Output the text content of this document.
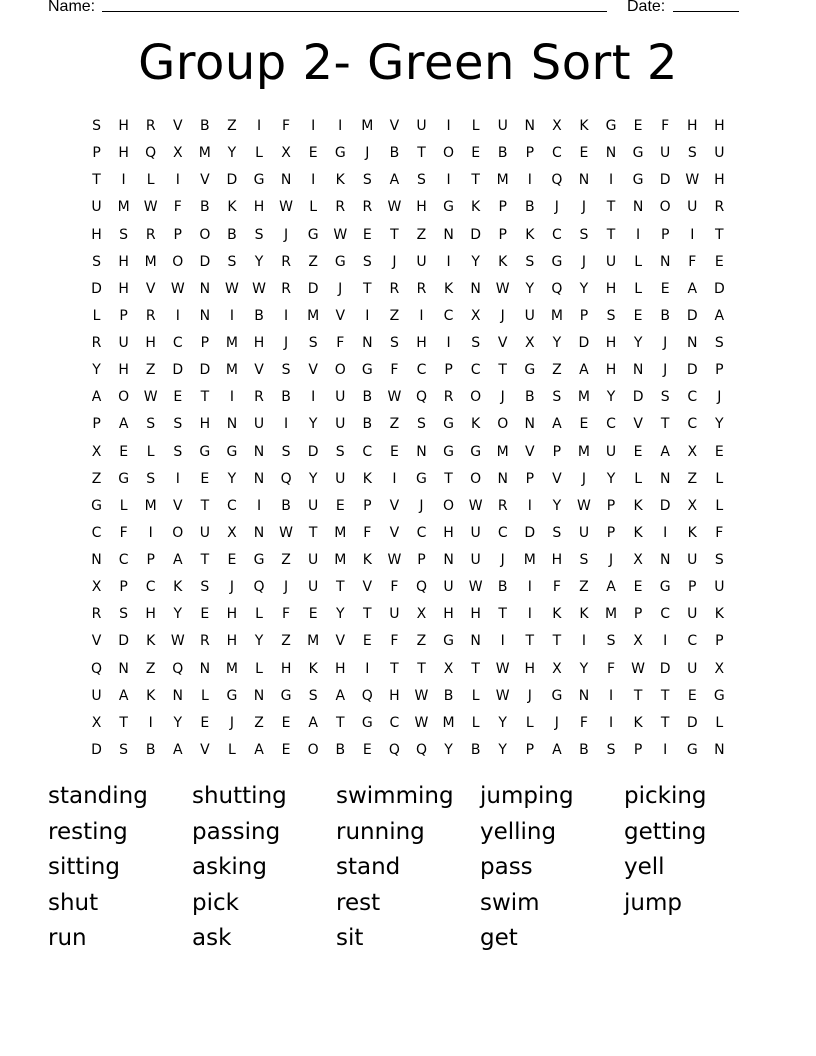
Name:	Date:
Group 2- Green Sort 2
S	H	R	V	B	Z	I	F	I	I	M	V	U	I	L	U	N	X	K	G	E	F	H	H
P	H	Q	X	M	Y	L	X	E	G	J	B	T	O	E	B	P	C	E	N	G	U	S	U
T	I	L	I	V	D	G	N	I	K	S	A	S	I	T	M	I	Q	N	I	G	D	W	H
U	M	W	F	B	K	H	W	L	R	R	W	H	G	K	P	B	J	J	T	N	O	U	R
H	S	R	P	O	B	S	J	G	W	E	T	Z	N	D	P	K	C	S	T	I	P	I	T
S	H	M	O	D	S	Y	R	Z	G	S	J	U	I	Y	K	S	G	J	U	L	N	F	E
D	H	V	W	N	W W	R	D	J	T	R	R	K	N	W	Y	Q	Y	H	L	E	A	D
L	P	R	I	N	I	B	I	M	V	I	Z	I	C	X	J	U	M	P	S	E	B	D	A
R	U	H	C	P	M	H	J	S	F	N	S	H	I	S	V	X	Y	D	H	Y	J	N	S
Y	H	Z	D	D	M	V	S	V	O	G	F	C	P	C	T	G	Z	A	H	N	J	D	P
A	O	W	E	T	I	R	B	I	U	B	W	Q	R	O	J	B	S	M	Y	D	S	C	J
P	A	S	S	H	N	U	I	Y	U	B	Z	S	G	K	O	N	A	E	C	V	T	C	Y
X	E	L	S	G	G	N	S	D	S	C	E	N	G	G	M	V	P	M	U	E	A	X	E
Z	G	S	I	E	Y	N	Q	Y	U	K	I	G	T	O	N	P	V	J	Y	L	N	Z	L
G	L	M	V	T	C	I	B	U	E	P	V	J	O	W	R	I	Y	W	P	K	D	X	L
C	F	I	O	U	X	N	W	T	M	F	V	C	H	U	C	D	S	U	P	K	I	K	F
N	C	P	A	T	E	G	Z	U	M	K	W	P	N	U	J	M	H	S	J	X	N	U	S
X	P	C	K	S	J	Q	J	U	T	V	F	Q	U	W	B	I	F	Z	A	E	G	P	U
R	S	H	Y	E	H	L	F	E	Y	T	U	X	H	H	T	I	K	K	M	P	C	U	K
V	D	K	W	R	H	Y	Z	M	V	E	F	Z	G	N	I	T	T	I	S	X	I	C	P
Q	N	Z	Q	N	M	L	H	K	H	I	T	T	X	T	W	H	X	Y	F	W	D	U	X
U	A	K	N	L	G	N	G	S	A	Q	H	W	B	L	W	J	G	N	I	T	T	E	G
X	T	I	Y	E	J	Z	E	A	T	G	C	W	M	L	Y	L	J	F	I	K	T	D	L
D	S	B	A	V	L	A	E	O	B	E	Q	Q	Y	B	Y	P	A	B	S	P	I	G	N
standing	shutting	swimming	jumping	picking
resting	passing	running	yelling	getting
sitting	asking	stand	pass	yell
shut	pick	rest	swim	jump
run	ask	sit	get
